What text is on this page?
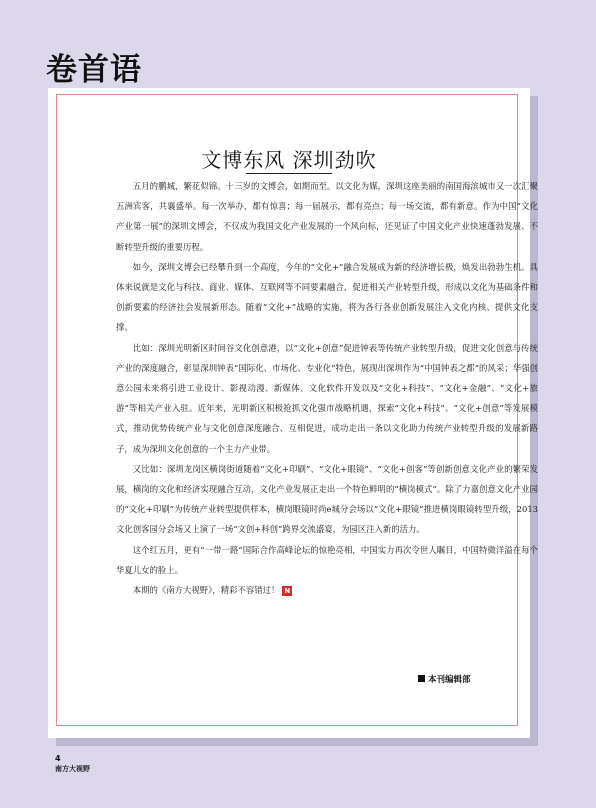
卷首语
文博东风 深圳劲吹

五月的鹏城，繁花似锦。十三岁的文博会，如期而至。以文化为媒，深圳这座美丽的南国海滨城市又一次汇聚五洲宾客，共襄盛举。每一次举办，都有惊喜；每一届展示，都有亮点；每一场交流，都有新意。作为中国“文化产业第一展”的深圳文博会，不仅成为我国文化产业发展的一个风向标，还见证了中国文化产业快速蓬勃发展、不断转型升级的重要历程。

如今，深圳文博会已经攀升到一个高度，今年的“文化+”融合发展成为新的经济增长极，焕发出勃勃生机。具体来说就是文化与科技、商业、媒体、互联网等不同要素融合，促进相关产业转型升级，形成以文化为基础条件和创新要素的经济社会发展新形态。随着“文化+”战略的实施，将为各行各业创新发展注入文化内核、提供文化支撑。

比如：深圳光明新区时间谷文化创意港，以“文化+创意”促进钟表等传统产业转型升级，促进文化创意与传统产业的深度融合，彰显深圳钟表“国际化、市场化、专业化”特色，展现出深圳作为“中国钟表之都”的风采；华强创意公园未来将引进工业设计、影视动漫、新媒体、文化软件开发以及“文化+科技”、“文化+金融”、“文化+旅游”等相关产业入驻。近年来，光明新区积极抢抓文化强市战略机遇，探索“文化+科技”、“文化+创意”等发展模式，推动优势传统产业与文化创意深度融合、互相促进，成功走出一条以文化助力传统产业转型升级的发展新路子，成为深圳文化创意的一个主力产业带。

又比如：深圳龙岗区横岗街道随着“文化+印刷”、“文化+眼镜”、“文化+创客”等创新创意文化产业的繁荣发展，横岗的文化和经济实现融合互动，文化产业发展正走出一个特色鲜明的“横岗模式”。除了力嘉创意文化产业园的“文化+印刷”为传统产业转型提供样本，横岗眼镜时尚e城分会场以“文化+眼镜”推进横岗眼镜转型升级，2013文化创客园分会场又上演了一场“文创+科创”跨界交流盛宴，为园区注入新的活力。

这个红五月，更有“一带一路”国际合作高峰论坛的惊艳亮相，中国实力再次令世人瞩目，中国特微洋溢在每个华夏儿女的脸上。

本期的《南方大视野》，精彩不容错过！ N

本刊编辑部
4
南方大视野
